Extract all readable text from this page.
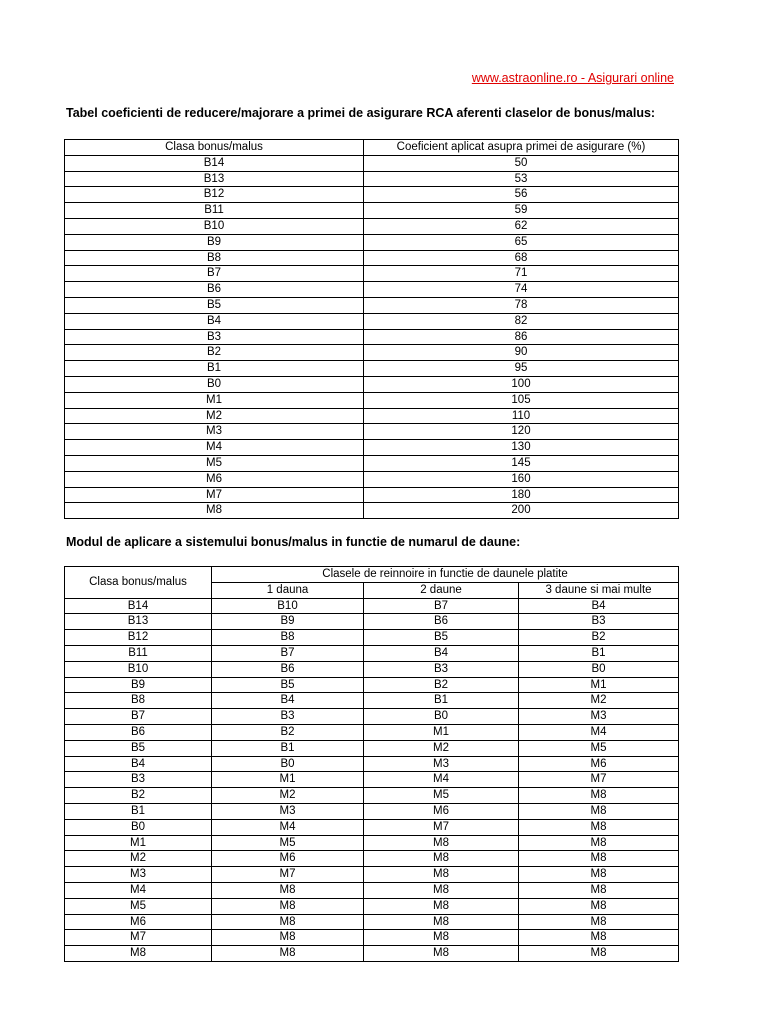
www.astraonline.ro - Asigurari online
Tabel coeficienti de reducere/majorare a primei de asigurare RCA aferenti claselor de bonus/malus:
Clasa bonus/malus	Coeficient aplicat asupra primei de asigurare (%)
B14	50
B13	53
B12	56
B11	59
B10	62
B9	65
B8	68
B7	71
B6	74
B5	78
B4	82
B3	86
B2	90
B1	95
B0	100
M1	105
M2	110
M3	120
M4	130
M5	145
M6	160
M7	180
M8	200
Modul de aplicare a sistemului bonus/malus in functie de numarul de daune:
Clasa bonus/malus	Clasele de reinnoire in functie de daunele platite		
	1 dauna	2 daune	3 daune si mai multe
B14	B10	B7	B4
B13	B9	B6	B3
B12	B8	B5	B2
B11	B7	B4	B1
B10	B6	B3	B0
B9	B5	B2	M1
B8	B4	B1	M2
B7	B3	B0	M3
B6	B2	M1	M4
B5	B1	M2	M5
B4	B0	M3	M6
B3	M1	M4	M7
B2	M2	M5	M8
B1	M3	M6	M8
B0	M4	M7	M8
M1	M5	M8	M8
M2	M6	M8	M8
M3	M7	M8	M8
M4	M8	M8	M8
M5	M8	M8	M8
M6	M8	M8	M8
M7	M8	M8	M8
M8	M8	M8	M8
